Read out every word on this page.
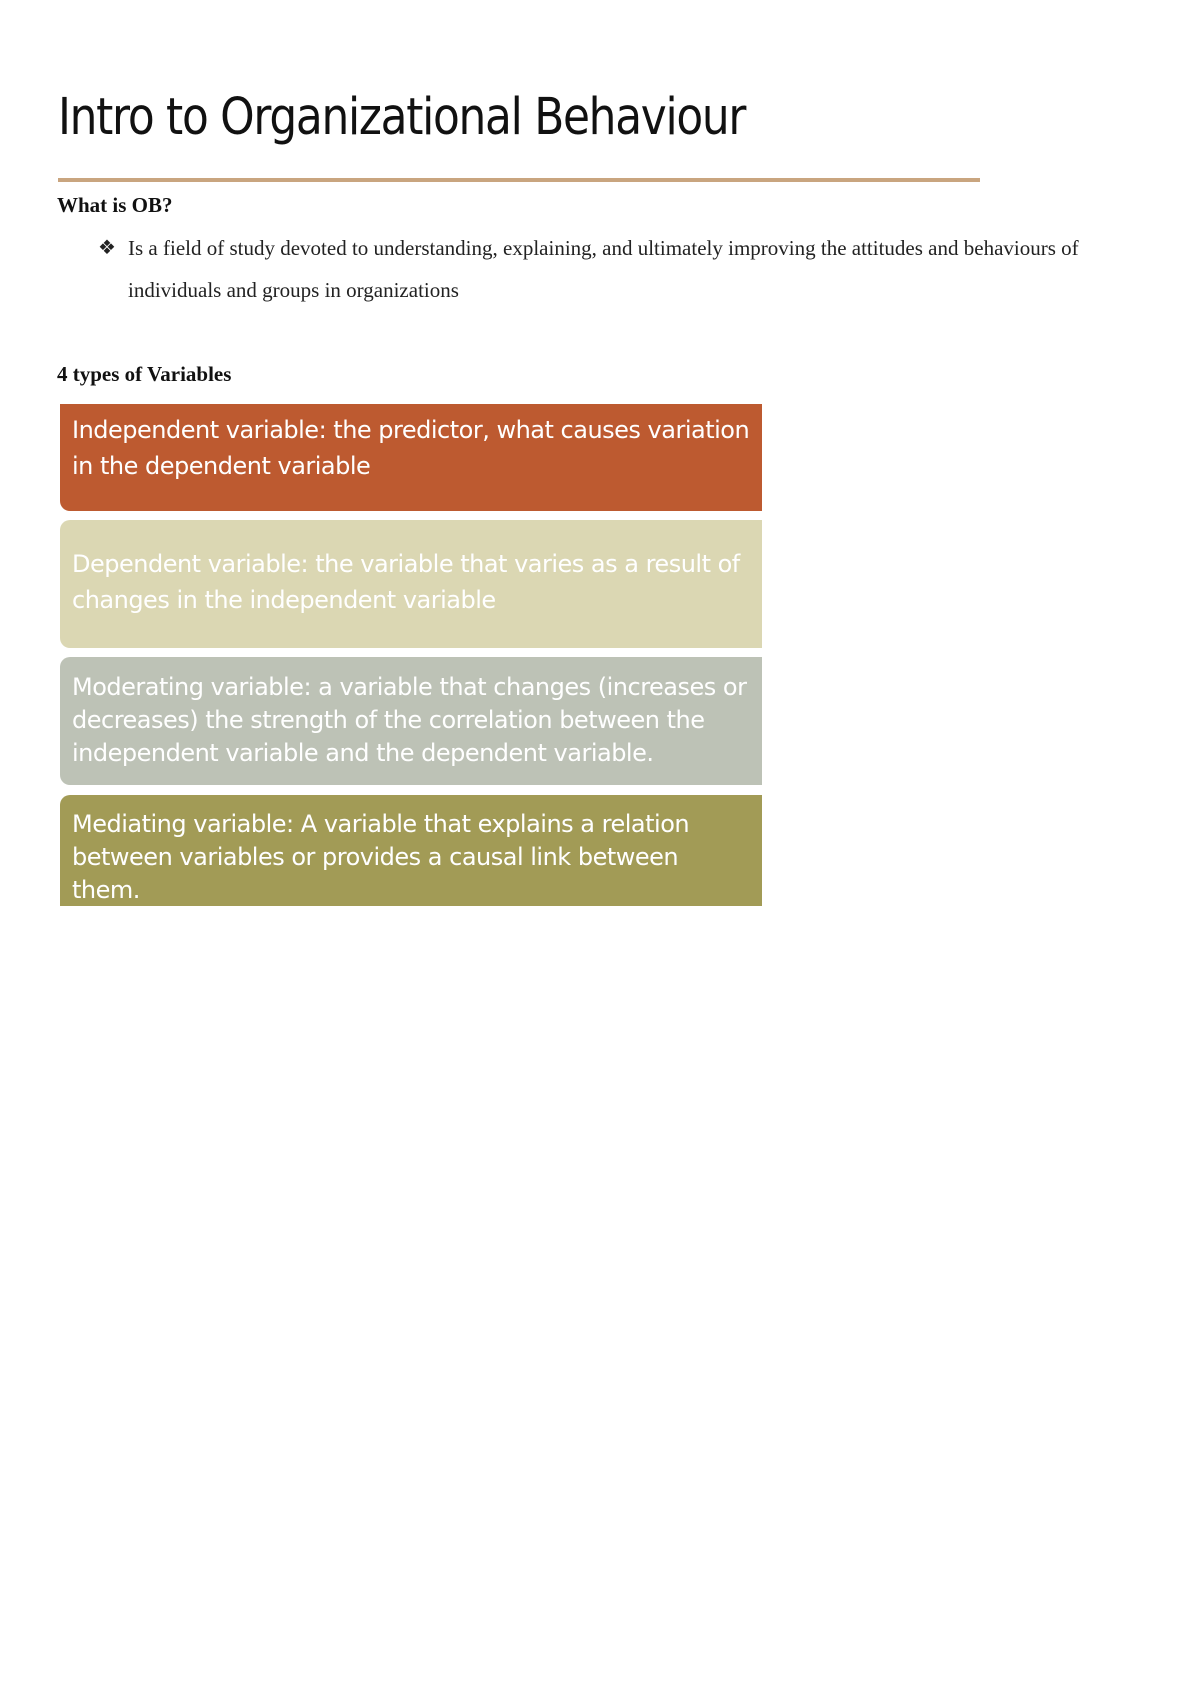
Intro to Organizational Behaviour
What is OB?
❖ Is a field of study devoted to understanding, explaining, and ultimately improving the attitudes and behaviours of individuals and groups in organizations
4 types of Variables
Independent variable: the predictor, what causes variation in the dependent variable
Dependent variable: the variable that varies as a result of changes in the independent variable
Moderating variable: a variable that changes (increases or decreases) the strength of the correlation between the independent variable and the dependent variable.
Mediating variable: A variable that explains a relation between variables or provides a causal link between them.
